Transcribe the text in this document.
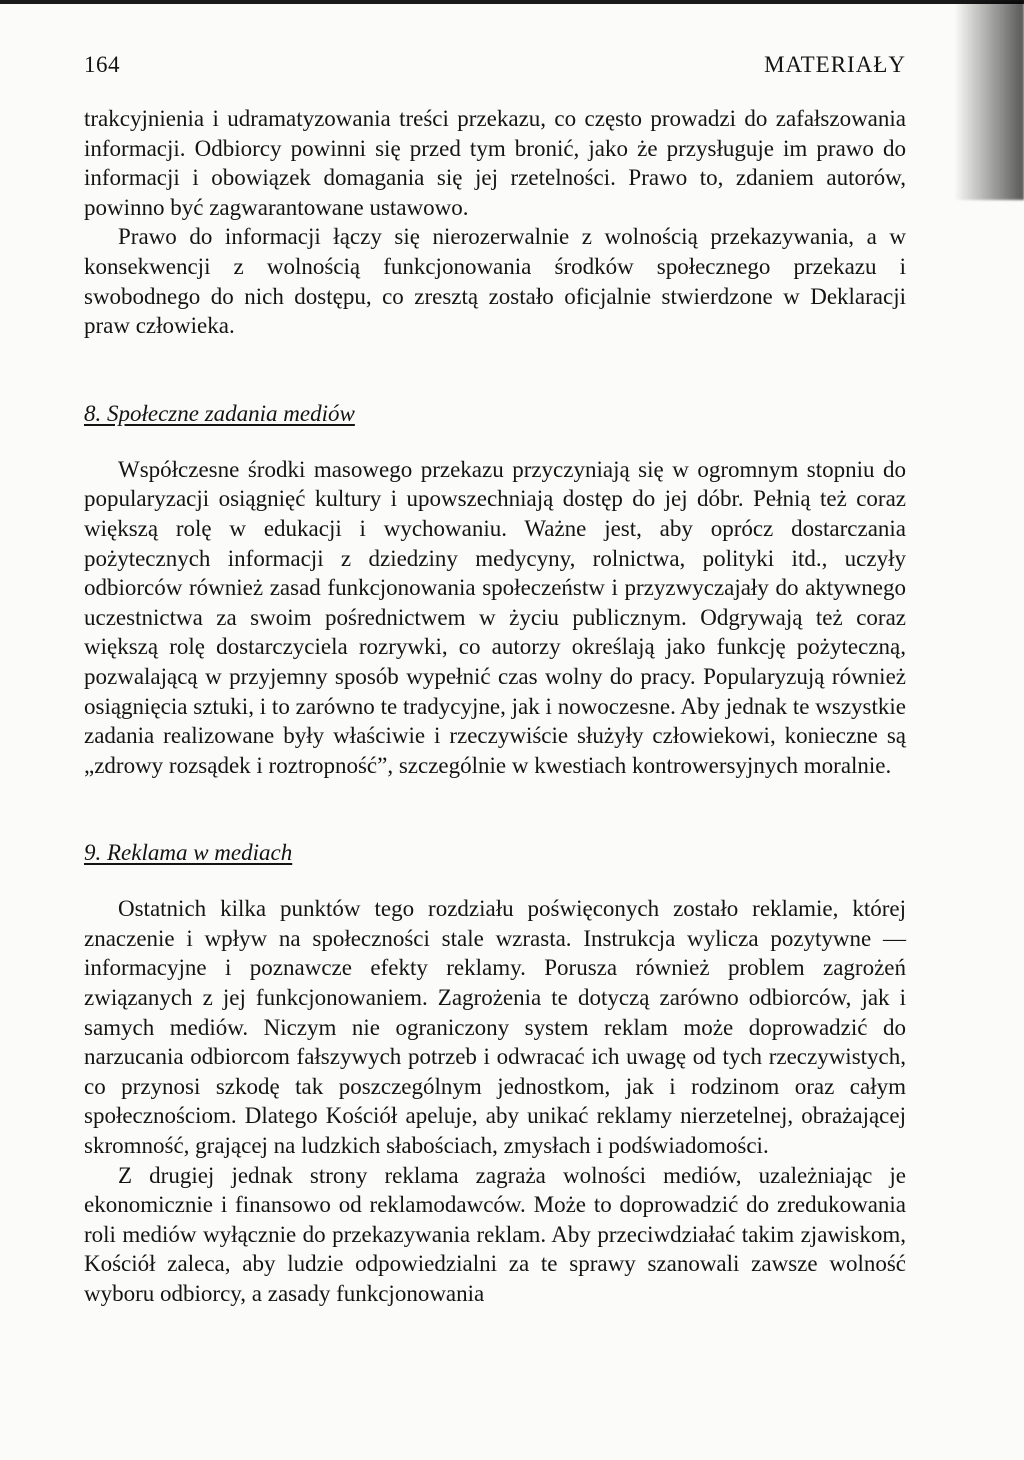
164	MATERIAŁY

trakcyjnienia i udramatyzowania treści przekazu, co często prowadzi do zafałszowania informacji. Odbiorcy powinni się przed tym bronić, jako że przysługuje im prawo do informacji i obowiązek domagania się jej rzetelności. Prawo to, zdaniem autorów, powinno być zagwarantowane ustawowo.

Prawo do informacji łączy się nierozerwalnie z wolnością przekazywania, a w konsekwencji z wolnością funkcjonowania środków społecznego przekazu i swobodnego do nich dostępu, co zresztą zostało oficjalnie stwierdzone w Deklaracji praw człowieka.

8. Społeczne zadania mediów

Współczesne środki masowego przekazu przyczyniają się w ogromnym stopniu do popularyzacji osiągnięć kultury i upowszechniają dostęp do jej dóbr. Pełnią też coraz większą rolę w edukacji i wychowaniu. Ważne jest, aby oprócz dostarczania pożytecznych informacji z dziedziny medycyny, rolnictwa, polityki itd., uczyły odbiorców również zasad funkcjonowania społeczeństw i przyzwyczajały do aktywnego uczestnictwa za swoim pośrednictwem w życiu publicznym. Odgrywają też coraz większą rolę dostarczyciela rozrywki, co autorzy określają jako funkcję pożyteczną, pozwalającą w przyjemny sposób wypełnić czas wolny do pracy. Popularyzują również osiągnięcia sztuki, i to zarówno te tradycyjne, jak i nowoczesne. Aby jednak te wszystkie zadania realizowane były właściwie i rzeczywiście służyły człowiekowi, konieczne są „zdrowy rozsądek i roztropność”, szczególnie w kwestiach kontrowersyjnych moralnie.

9. Reklama w mediach

Ostatnich kilka punktów tego rozdziału poświęconych zostało reklamie, której znaczenie i wpływ na społeczności stale wzrasta. Instrukcja wylicza pozytywne — informacyjne i poznawcze efekty reklamy. Porusza również problem zagrożeń związanych z jej funkcjonowaniem. Zagrożenia te dotyczą zarówno odbiorców, jak i samych mediów. Niczym nie ograniczony system reklam może doprowadzić do narzucania odbiorcom fałszywych potrzeb i odwracać ich uwagę od tych rzeczywistych, co przynosi szkodę tak poszczególnym jednostkom, jak i rodzinom oraz całym społecznościom. Dlatego Kościół apeluje, aby unikać reklamy nierzetelnej, obrażającej skromność, grającej na ludzkich słabościach, zmysłach i podświadomości.

Z drugiej jednak strony reklama zagraża wolności mediów, uzależniając je ekonomicznie i finansowo od reklamodawców. Może to doprowadzić do zredukowania roli mediów wyłącznie do przekazywania reklam. Aby przeciwdziałać takim zjawiskom, Kościół zaleca, aby ludzie odpowiedzialni za te sprawy szanowali zawsze wolność wyboru odbiorcy, a zasady funkcjonowania
